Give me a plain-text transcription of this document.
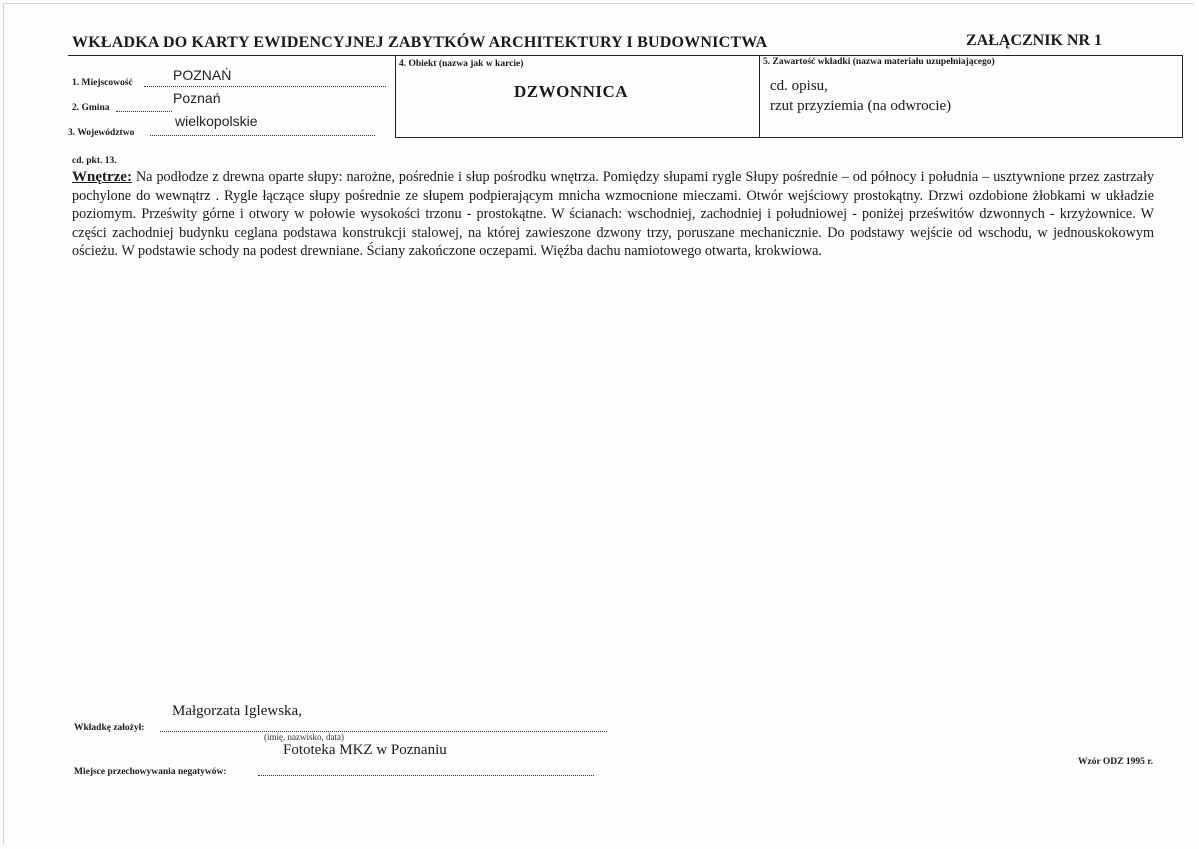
WKŁADKA DO KARTY EWIDENCYJNEJ ZABYTKÓW ARCHITEKTURY I BUDOWNICTWA	ZAŁĄCZNIK NR 1
1. Miejscowość	POZNAŃ
2. Gmina
Poznań
3. Województwo
wielkopolskie
4. Obiekt (nazwa jak w karcie)
DZWONNICA
5. Zawartość wkładki (nazwa materiału uzupełniającego)
cd. opisu,
rzut przyziemia (na odwrocie)
cd. pkt. 13.
Wnętrze: Na podłodze z drewna oparte słupy: narożne, pośrednie i słup pośrodku wnętrza. Pomiędzy słupami rygle Słupy pośrednie – od północy i południa – usztywnione przez zastrzały pochylone do wewnątrz . Rygle łączące słupy pośrednie ze słupem podpierającym mnicha wzmocnione mieczami. Otwór wejściowy prostokątny. Drzwi ozdobione żłobkami w układzie poziomym. Prześwity górne i otwory w połowie wysokości trzonu - prostokątne. W ścianach: wschodniej, zachodniej i południowej - poniżej prześwitów dzwonnych - krzyżownice. W części zachodniej budynku ceglana podstawa konstrukcji stalowej, na której zawieszone dzwony trzy, poruszane mechanicznie. Do podstawy wejście od wschodu, w jednouskokowym ościeżu. W podstawie schody na podest drewniane. Ściany zakończone oczepami. Więźba dachu namiotowego otwarta, krokwiowa.
Małgorzata Iglewska,
Wkładkę założył:
(imię, nazwisko, data)
Fototeka MKZ w Poznaniu
Miejsce przechowywania negatywów:
Wzór ODZ 1995 r.
